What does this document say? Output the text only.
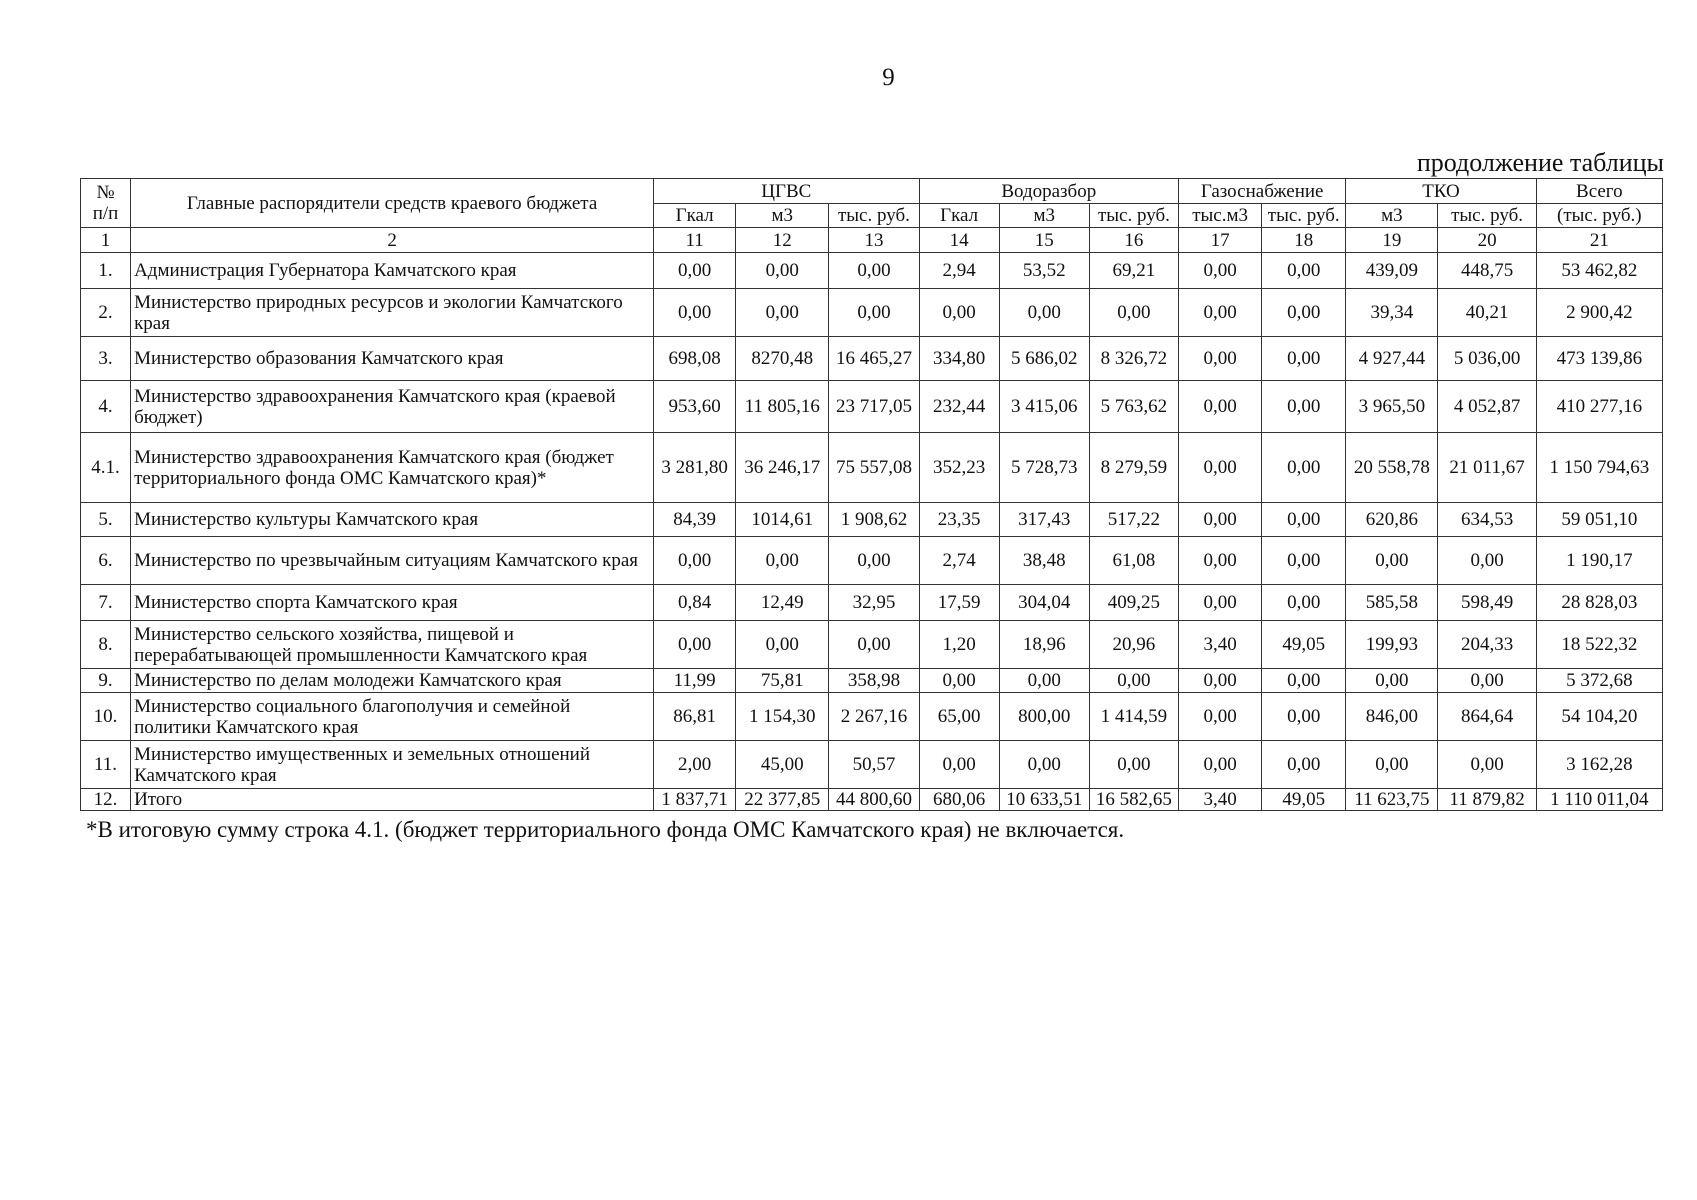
9
продолжение таблицы
№
п/п	Главные распорядители средств краевого бюджета	ЦГВС			Водоразбор			Газоснабжение		ТКО		Всего
		Гкал	м3	тыс. руб.	Гкал	м3	тыс. руб.	тыс.м3	тыс. руб.	м3	тыс. руб.	(тыс. руб.)
1	2	11	12	13	14	15	16	17	18	19	20	21
1.	Администрация Губернатора Камчатского края	0,00	0,00	0,00	2,94	53,52	69,21	0,00	0,00	439,09	448,75	53 462,82
2.	Министерство природных ресурсов и экологии Камчатского края	0,00	0,00	0,00	0,00	0,00	0,00	0,00	0,00	39,34	40,21	2 900,42
3.	Министерство образования Камчатского края	698,08	8270,48	16 465,27	334,80	5 686,02	8 326,72	0,00	0,00	4 927,44	5 036,00	473 139,86
4.	Министерство здравоохранения Камчатского края (краевой бюджет)	953,60	11 805,16	23 717,05	232,44	3 415,06	5 763,62	0,00	0,00	3 965,50	4 052,87	410 277,16
4.1.	Министерство здравоохранения Камчатского края (бюджет территориального фонда ОМС Камчатского края)*	3 281,80	36 246,17	75 557,08	352,23	5 728,73	8 279,59	0,00	0,00	20 558,78	21 011,67	1 150 794,63
5.	Министерство культуры Камчатского края	84,39	1014,61	1 908,62	23,35	317,43	517,22	0,00	0,00	620,86	634,53	59 051,10
6.	Министерство по чрезвычайным ситуациям Камчатского края	0,00	0,00	0,00	2,74	38,48	61,08	0,00	0,00	0,00	0,00	1 190,17
7.	Министерство спорта Камчатского края	0,84	12,49	32,95	17,59	304,04	409,25	0,00	0,00	585,58	598,49	28 828,03
8.	Министерство сельского хозяйства, пищевой и перерабатывающей промышленности Камчатского края	0,00	0,00	0,00	1,20	18,96	20,96	3,40	49,05	199,93	204,33	18 522,32
9.	Министерство по делам молодежи Камчатского края	11,99	75,81	358,98	0,00	0,00	0,00	0,00	0,00	0,00	0,00	5 372,68
10.	Министерство социального благополучия и семейной политики Камчатского края	86,81	1 154,30	2 267,16	65,00	800,00	1 414,59	0,00	0,00	846,00	864,64	54 104,20
11.	Министерство имущественных и земельных отношений Камчатского края	2,00	45,00	50,57	0,00	0,00	0,00	0,00	0,00	0,00	0,00	3 162,28
12.	Итого	1 837,71	22 377,85	44 800,60	680,06	10 633,51	16 582,65	3,40	49,05	11 623,75	11 879,82	1 110 011,04
*В итоговую сумму строка 4.1. (бюджет территориального фонда ОМС Камчатского края) не включается.
